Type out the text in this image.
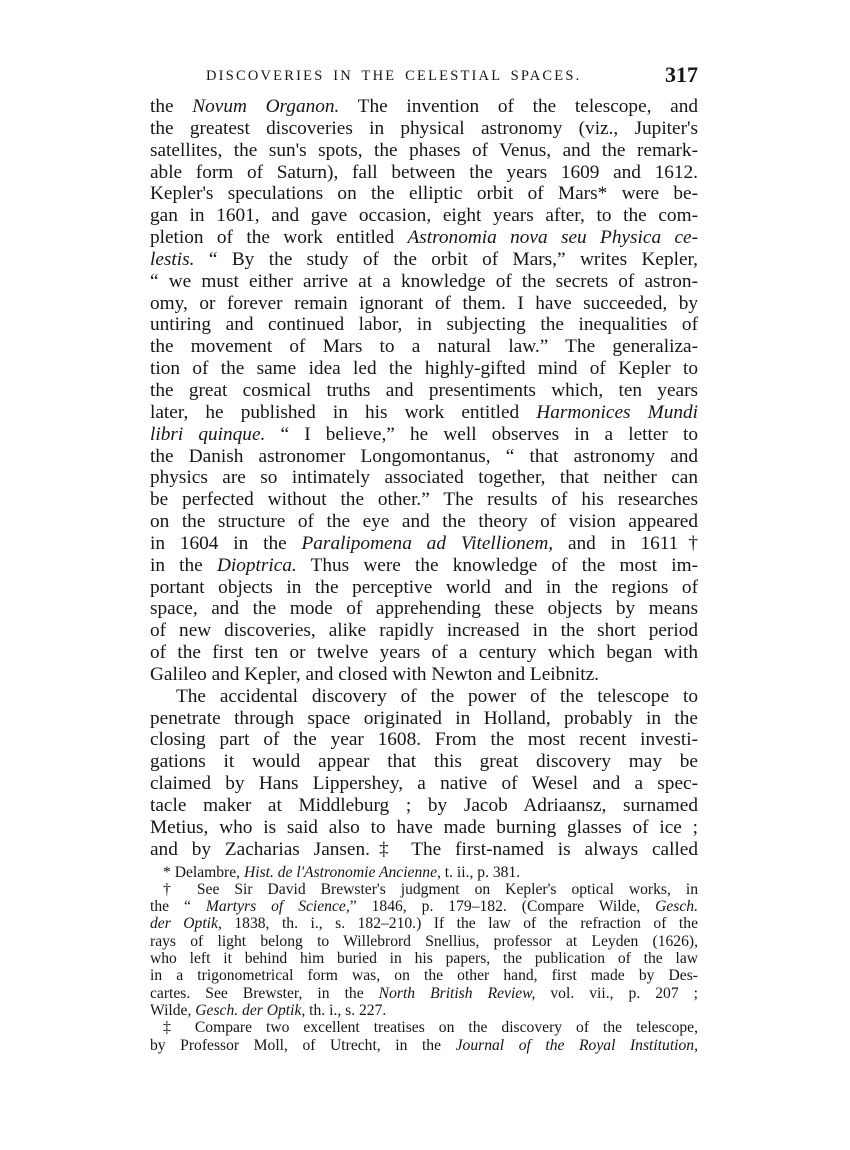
DISCOVERIES IN THE CELESTIAL SPACES.	317
the Novum Organon. The invention of the telescope, and
the greatest discoveries in physical astronomy (viz., Jupiter's
satellites, the sun's spots, the phases of Venus, and the remark-
able form of Saturn), fall between the years 1609 and 1612.
Kepler's speculations on the elliptic orbit of Mars* were be-
gan in 1601, and gave occasion, eight years after, to the com-
pletion of the work entitled Astronomia nova seu Physica ce-
lestis. “ By the study of the orbit of Mars,” writes Kepler,
“ we must either arrive at a knowledge of the secrets of astron-
omy, or forever remain ignorant of them. I have succeeded, by
untiring and continued labor, in subjecting the inequalities of
the movement of Mars to a natural law.” The generaliza-
tion of the same idea led the highly-gifted mind of Kepler to
the great cosmical truths and presentiments which, ten years
later, he published in his work entitled Harmonices Mundi
libri quinque. “ I believe,” he well observes in a letter to
the Danish astronomer Longomontanus, “ that astronomy and
physics are so intimately associated together, that neither can
be perfected without the other.” The results of his researches
on the structure of the eye and the theory of vision appeared
in 1604 in the Paralipomena ad Vitellionem, and in 1611†
in the Dioptrica. Thus were the knowledge of the most im-
portant objects in the perceptive world and in the regions of
space, and the mode of apprehending these objects by means
of new discoveries, alike rapidly increased in the short period
of the first ten or twelve years of a century which began with
Galileo and Kepler, and closed with Newton and Leibnitz.
The accidental discovery of the power of the telescope to
penetrate through space originated in Holland, probably in the
closing part of the year 1608. From the most recent investi-
gations it would appear that this great discovery may be
claimed by Hans Lippershey, a native of Wesel and a spec-
tacle maker at Middleburg ; by Jacob Adriaansz, surnamed
Metius, who is said also to have made burning glasses of ice ;
and by Zacharias Jansen.‡ The first-named is always called
* Delambre, Hist. de l'Astronomie Ancienne, t. ii., p. 381.
† See Sir David Brewster's judgment on Kepler's optical works, in
the “ Martyrs of Science,” 1846, p. 179–182. (Compare Wilde, Gesch.
der Optik, 1838, th. i., s. 182–210.) If the law of the refraction of the
rays of light belong to Willebrord Snellius, professor at Leyden (1626),
who left it behind him buried in his papers, the publication of the law
in a trigonometrical form was, on the other hand, first made by Des-
cartes. See Brewster, in the North British Review, vol. vii., p. 207 ;
Wilde, Gesch. der Optik, th. i., s. 227.
‡ Compare two excellent treatises on the discovery of the telescope,
by Professor Moll, of Utrecht, in the Journal of the Royal Institution,
